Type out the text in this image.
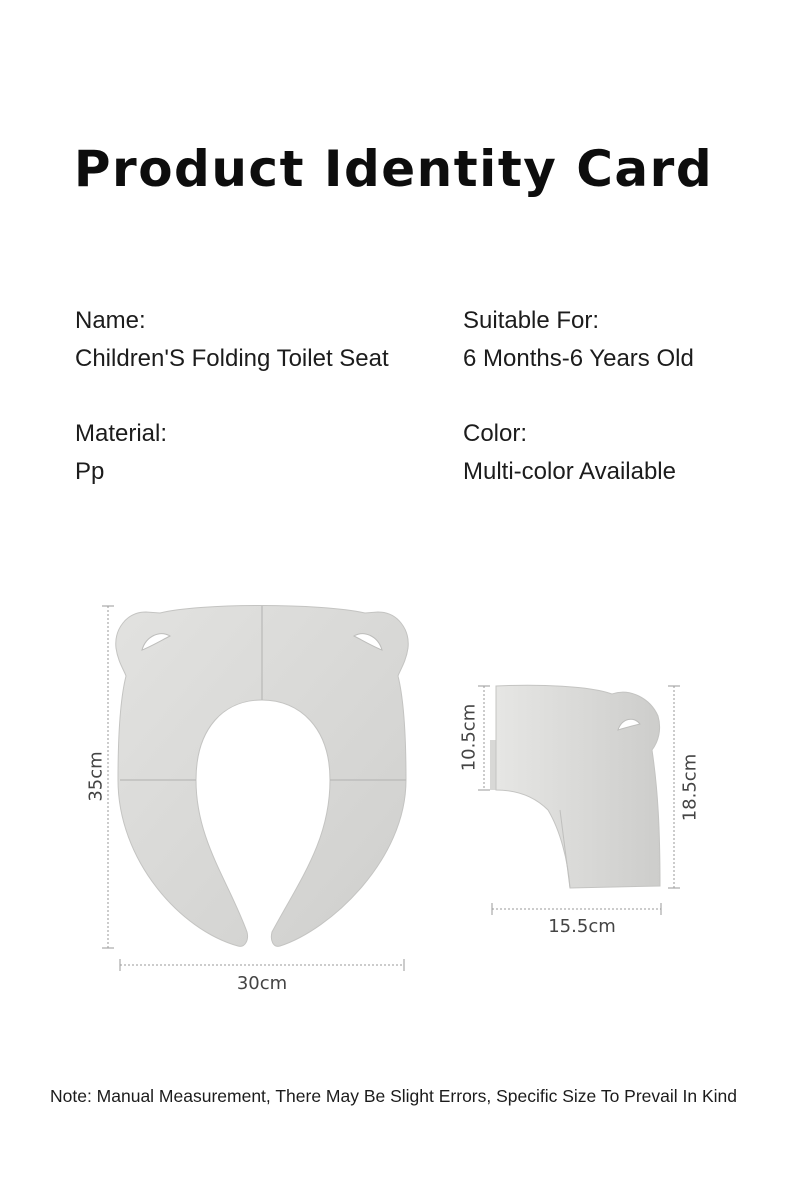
Product Identity Card
Name:
Children'S Folding Toilet Seat
Suitable For:
6 Months-6 Years Old
Material:
Pp
Color:
Multi-color Available
35cm
30cm
10.5cm
18.5cm
15.5cm
Note: Manual Measurement, There May Be Slight Errors, Specific Size To Prevail In Kind
